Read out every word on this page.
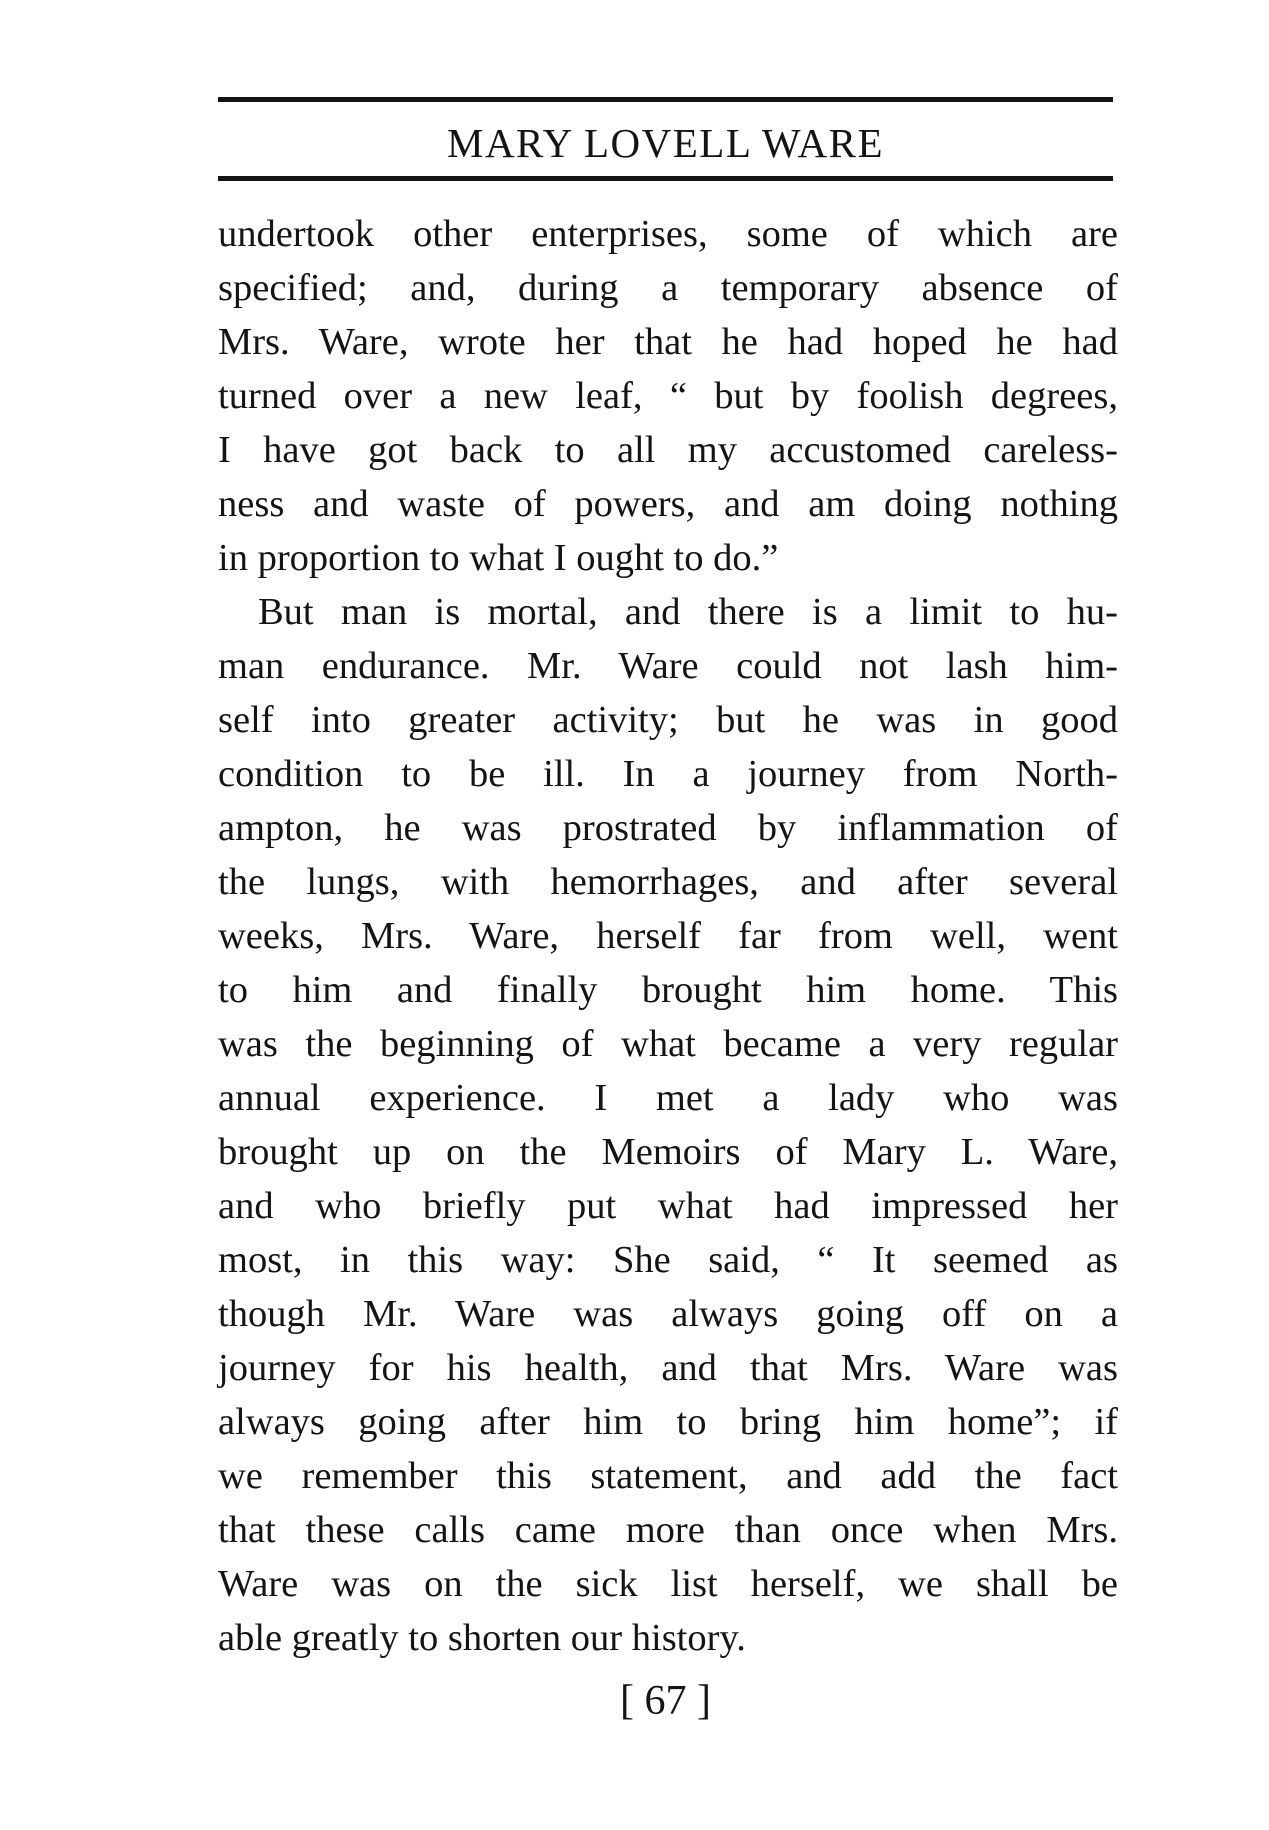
MARY LOVELL WARE
undertook other enterprises, some of which are
specified; and, during a temporary absence of
Mrs. Ware, wrote her that he had hoped he had
turned over a new leaf, “ but by foolish degrees,
I have got back to all my accustomed careless-
ness and waste of powers, and am doing nothing
in proportion to what I ought to do.”
But man is mortal, and there is a limit to hu-
man endurance. Mr. Ware could not lash him-
self into greater activity; but he was in good
condition to be ill. In a journey from North-
ampton, he was prostrated by inflammation of
the lungs, with hemorrhages, and after several
weeks, Mrs. Ware, herself far from well, went
to him and finally brought him home. This
was the beginning of what became a very regular
annual experience. I met a lady who was
brought up on the Memoirs of Mary L. Ware,
and who briefly put what had impressed her
most, in this way: She said, “ It seemed as
though Mr. Ware was always going off on a
journey for his health, and that Mrs. Ware was
always going after him to bring him home”; if
we remember this statement, and add the fact
that these calls came more than once when Mrs.
Ware was on the sick list herself, we shall be
able greatly to shorten our history.
[ 67 ]
